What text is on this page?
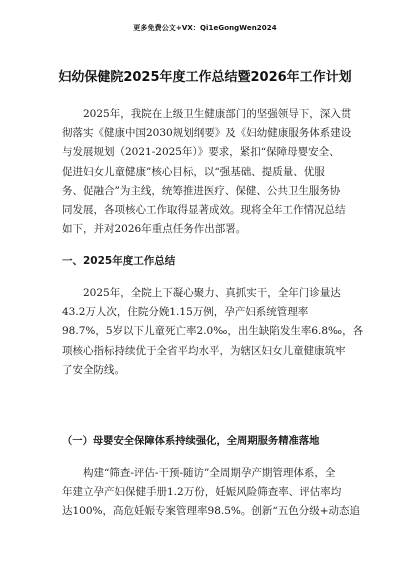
更多免费公文+VX：Qi1eGongWen2024
妇幼保健院2025年度工作总结暨2026年工作计划

2025年，我院在上级卫生健康部门的坚强领导下，深入贯
彻落实《健康中国2030规划纲要》及《妇幼健康服务体系建设
与发展规划（2021-2025年）》要求，紧扣“保障母婴安全、
促进妇女儿童健康”核心目标，以“强基础、提质量、优服
务、促融合”为主线，统筹推进医疗、保健、公共卫生服务协
同发展，各项核心工作取得显著成效。现将全年工作情况总结
如下，并对2026年重点任务作出部署。

一、2025年度工作总结

2025年，全院上下凝心聚力、真抓实干，全年门诊量达
43.2万人次，住院分娩1.15万例，孕产妇系统管理率
98.7%，5岁以下儿童死亡率2.0‰，出生缺陷发生率6.8‰，各
项核心指标持续优于全省平均水平，为辖区妇女儿童健康筑牢
了安全防线。

（一）母婴安全保障体系持续强化，全周期服务精准落地

构建“筛查-评估-干预-随访”全周期孕产期管理体系，全
年建立孕产妇保健手册1.2万份，妊娠风险筛查率、评估率均
达100%，高危妊娠专案管理率98.5%。创新“五色分级+动态追
